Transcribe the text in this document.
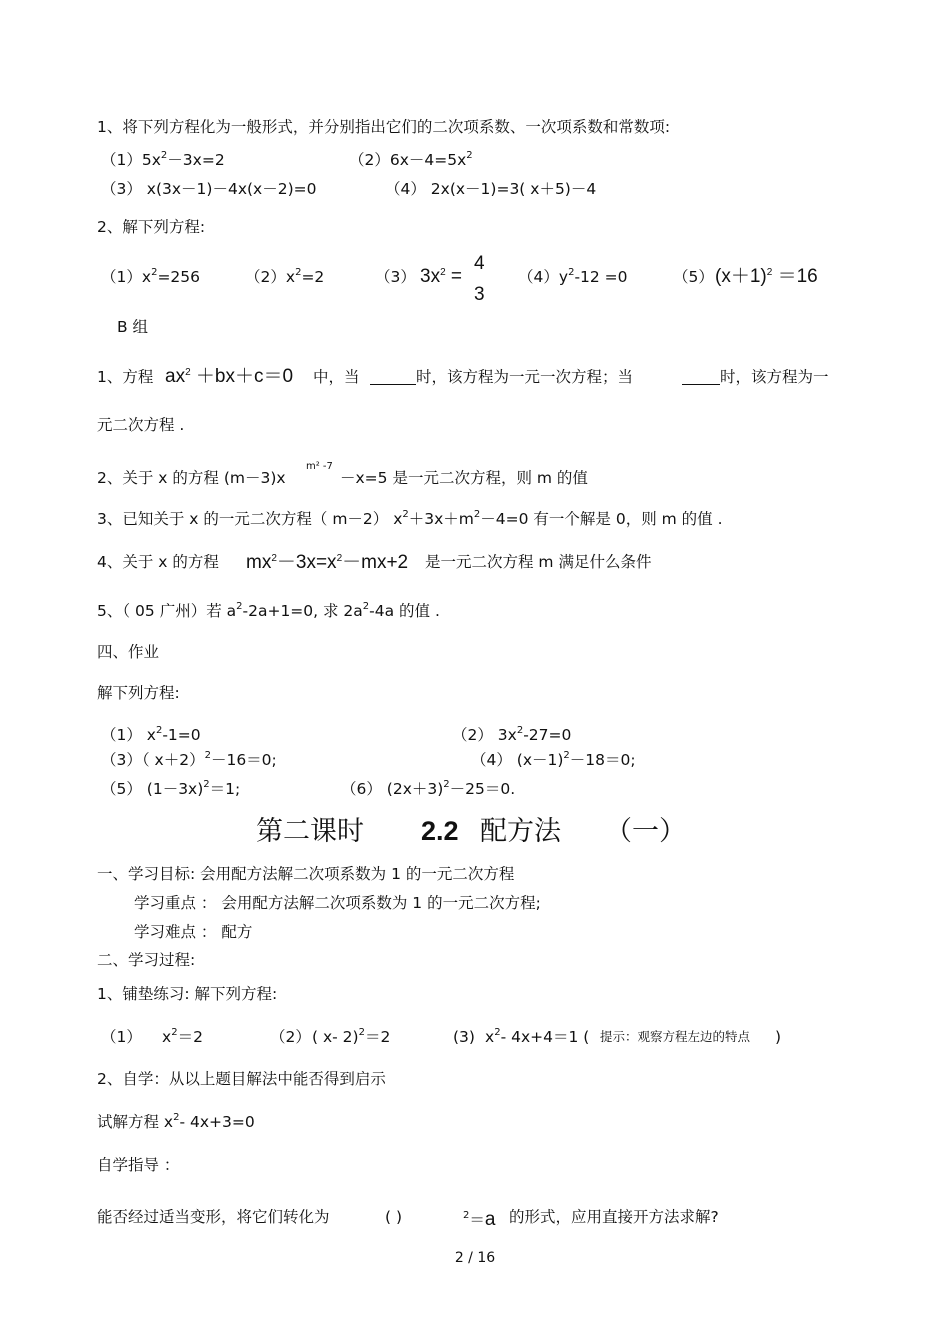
1、将下列方程化为一般形式，并分别指出它们的二次项系数、一次项系数和常数项:
$(1)5x^2-3x=2$	$(2)6x-4=5x^2$
（3） x(3x－1)－4x(x－2)=0	（4） 2x(x－1)=3( x＋5)－4
2、解下列方程:
$(1)x^2=256$	$(2)x^2=2$	（3） $3x^2$ =	$(4)y^2-12 =0$	（5） $(x+1)^2 =16$
4
3
B 组
1、方程 $ax^2 +bx+c=0$ 中，当	时，该方程为一元一次方程；当	时，该方程为一
元二次方程 .
2、关于 x 的方程 (m－3)x
m² -7
－x=5 是一元二次方程，则 m 的值
3、已知关于 x 的一元二次方程（ m－2） $x^2+3x+m^2-4=0$ 有一个解是 0，则 m 的值 .
4、关于 x 的方程 $mx^2-3x=x^2-mx+2$ 是一元二次方程 m 满足什么条件
5、（ 05 广州）若 $a^2-2a+1=0$, 求 $2a^2-4a$ 的值 .
四、作业
解下列方程:
（1） $x^2-1=0$	（2） $3x^2-27=0$
（3）（ x＋2）$^2$－16＝0;	（4） $(x-1)^2-18=0$;
（5） $(1-3x)^2=1$;	（6） $(2x+3)^2-25=0$.
第二课时 2.2 配方法 （一）
一、学习目标: 会用配方法解二次项系数为 1 的一元二次方程
学习重点 ： 会用配方法解二次项系数为 1 的一元二次方程;
学习难点 ： 配方
二、学习过程:
1、铺垫练习: 解下列方程:
（1） $x^2=2$	（2） ( x- 2)$^2$＝2	(3) $x^2-$ 4x+4＝1 ( 提示：观察方程左边的特点 )
2、自学：从以上题目解法中能否得到启示
试解方程 $x^2-$ 4x+3=0
自学指导 ：
能否经过适当变形，将它们转化为	( )	$^2$＝a 的形式，应用直接开方法求解?
2 / 16
